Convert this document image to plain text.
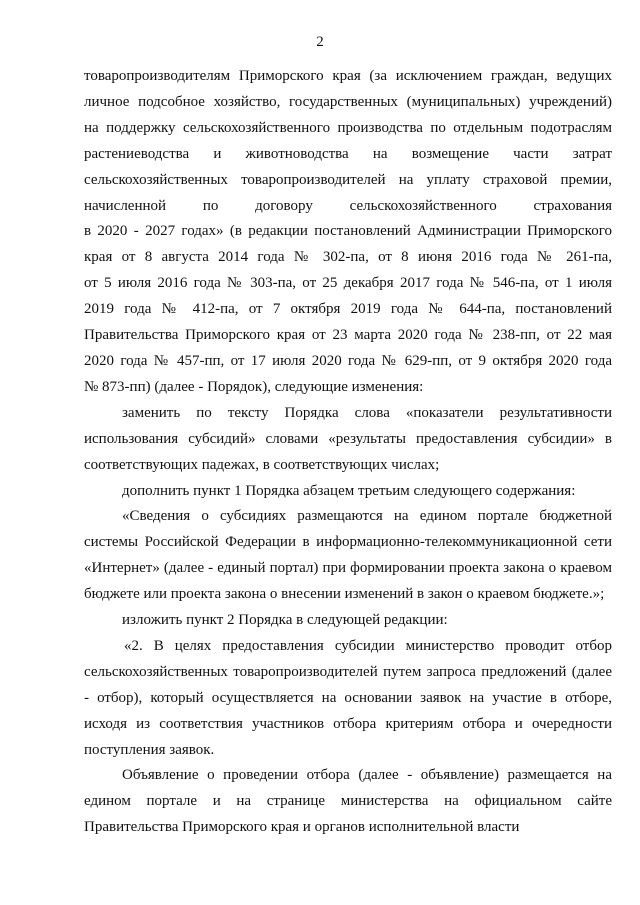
2

товаропроизводителям Приморского края (за исключением граждан, ведущих

личное подсобное хозяйство, государственных (муниципальных) учреждений)

на поддержку сельскохозяйственного производства по отдельным подотраслям

растениеводства и животноводства на возмещение части затрат

сельскохозяйственных товаропроизводителей на уплату страховой премии,

начисленной по договору сельскохозяйственного страхования

в 2020 - 2027 годах» (в редакции постановлений Администрации Приморского

края от 8 августа 2014 года № 302-па, от 8 июня 2016 года № 261-па,

от 5 июля 2016 года № 303-па, от 25 декабря 2017 года № 546-па, от 1 июля

2019 года № 412-па, от 7 октября 2019 года № 644-па, постановлений

Правительства Приморского края от 23 марта 2020 года № 238-пп, от 22 мая

2020 года № 457-пп, от 17 июля 2020 года № 629-пп, от 9 октября 2020 года

№ 873-пп) (далее - Порядок), следующие изменения:

заменить по тексту Порядка слова «показатели результативности использования субсидий» словами «результаты предоставления субсидии» в соответствующих падежах, в соответствующих числах;

дополнить пункт 1 Порядка абзацем третьим следующего содержания:

«Сведения о субсидиях размещаются на едином портале бюджетной системы Российской Федерации в информационно-телекоммуникационной сети «Интернет» (далее - единый портал) при формировании проекта закона о краевом бюджете или проекта закона о внесении изменений в закон о краевом бюджете.»;

изложить пункт 2 Порядка в следующей редакции:

«2. В целях предоставления субсидии министерство проводит отбор сельскохозяйственных товаропроизводителей путем запроса предложений (далее - отбор), который осуществляется на основании заявок на участие в отборе, исходя из соответствия участников отбора критериям отбора и очередности поступления заявок.

Объявление о проведении отбора (далее - объявление) размещается на едином портале и на странице министерства на официальном сайте Правительства Приморского края и органов исполнительной власти
